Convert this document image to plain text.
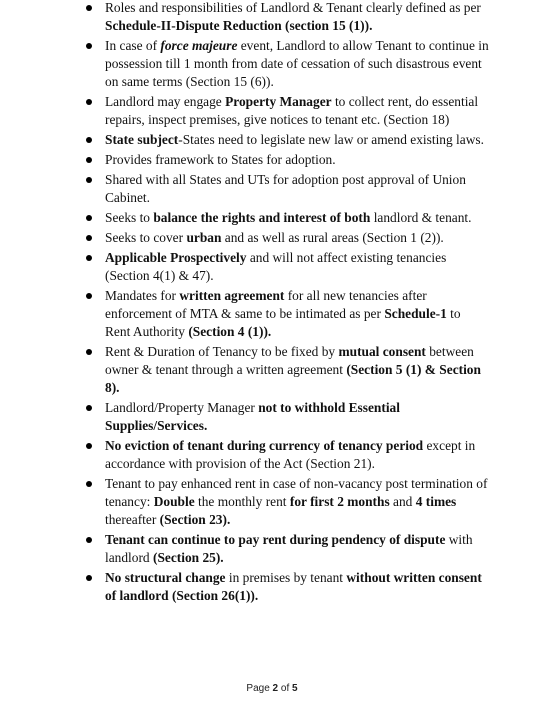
Roles and responsibilities of Landlord & Tenant clearly defined as per Schedule-II-Dispute Reduction (section 15 (1)).
In case of force majeure event, Landlord to allow Tenant to continue in possession till 1 month from date of cessation of such disastrous event on same terms (Section 15 (6)).
Landlord may engage Property Manager to collect rent, do essential repairs, inspect premises, give notices to tenant etc. (Section 18)
State subject-States need to legislate new law or amend existing laws.
Provides framework to States for adoption.
Shared with all States and UTs for adoption post approval of Union Cabinet.
Seeks to balance the rights and interest of both landlord & tenant.
Seeks to cover urban and as well as rural areas (Section 1 (2)).
Applicable Prospectively and will not affect existing tenancies (Section 4(1) & 47).
Mandates for written agreement for all new tenancies after enforcement of MTA & same to be intimated as per Schedule-1 to Rent Authority (Section 4 (1)).
Rent & Duration of Tenancy to be fixed by mutual consent between owner & tenant through a written agreement (Section 5 (1) & Section 8).
Landlord/Property Manager not to withhold Essential Supplies/Services.
No eviction of tenant during currency of tenancy period except in accordance with provision of the Act (Section 21).
Tenant to pay enhanced rent in case of non-vacancy post termination of tenancy: Double the monthly rent for first 2 months and 4 times thereafter (Section 23).
Tenant can continue to pay rent during pendency of dispute with landlord (Section 25).
No structural change in premises by tenant without written consent of landlord (Section 26(1)).
Page 2 of 5
